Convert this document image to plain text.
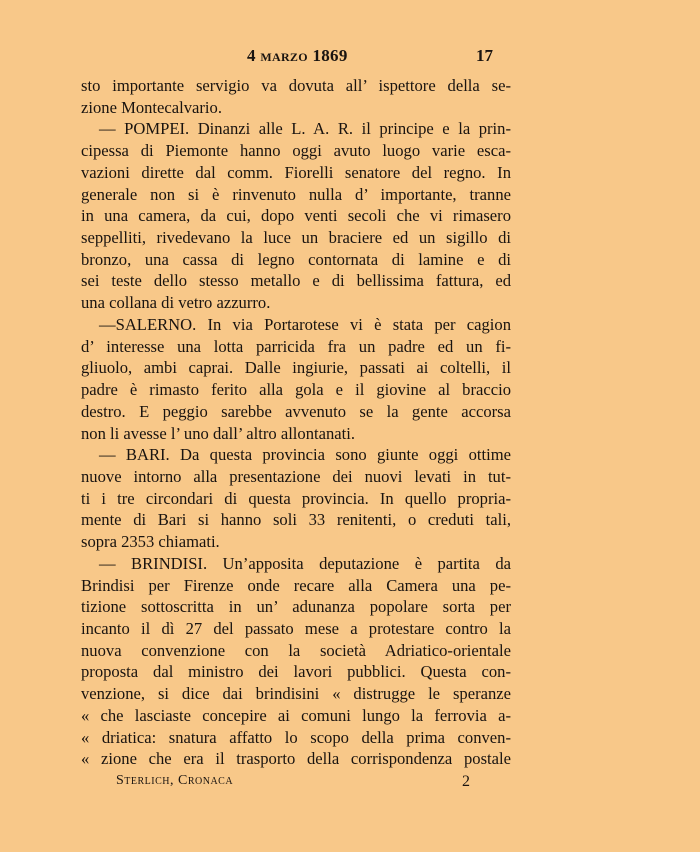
4 MARZO 1869	17
sto importante servigio va dovuta all’ ispettore della se-
zione Montecalvario.
— POMPEI. Dinanzi alle L. A. R. il principe e la prin-
cipessa di Piemonte hanno oggi avuto luogo varie esca-
vazioni dirette dal comm. Fiorelli senatore del regno. In
generale non si è rinvenuto nulla d’ importante, tranne
in una camera, da cui, dopo venti secoli che vi rimasero
seppelliti, rivedevano la luce un braciere ed un sigillo di
bronzo, una cassa di legno contornata di lamine e di
sei teste dello stesso metallo e di bellissima fattura, ed
una collana di vetro azzurro.
—SALERNO. In via Portarotese vi è stata per cagion
d’ interesse una lotta parricida fra un padre ed un fi-
gliuolo, ambi caprai. Dalle ingiurie, passati ai coltelli, il
padre è rimasto ferito alla gola e il giovine al braccio
destro. E peggio sarebbe avvenuto se la gente accorsa
non li avesse l’ uno dall’ altro allontanati.
— BARI. Da questa provincia sono giunte oggi ottime
nuove intorno alla presentazione dei nuovi levati in tut-
ti i tre circondari di questa provincia. In quello propria-
mente di Bari si hanno soli 33 renitenti, o creduti tali,
sopra 2353 chiamati.
— BRINDISI. Un’apposita deputazione è partita da
Brindisi per Firenze onde recare alla Camera una pe-
tizione sottoscritta in un’ adunanza popolare sorta per
incanto il dì 27 del passato mese a protestare contro la
nuova convenzione con la società Adriatico-orientale
proposta dal ministro dei lavori pubblici. Questa con-
venzione, si dice dai brindisini « distrugge le speranze
« che lasciaste concepire ai comuni lungo la ferrovia a-
« driatica: snatura affatto lo scopo della prima conven-
« zione che era il trasporto della corrispondenza postale
Sterlich, Cronaca	2
